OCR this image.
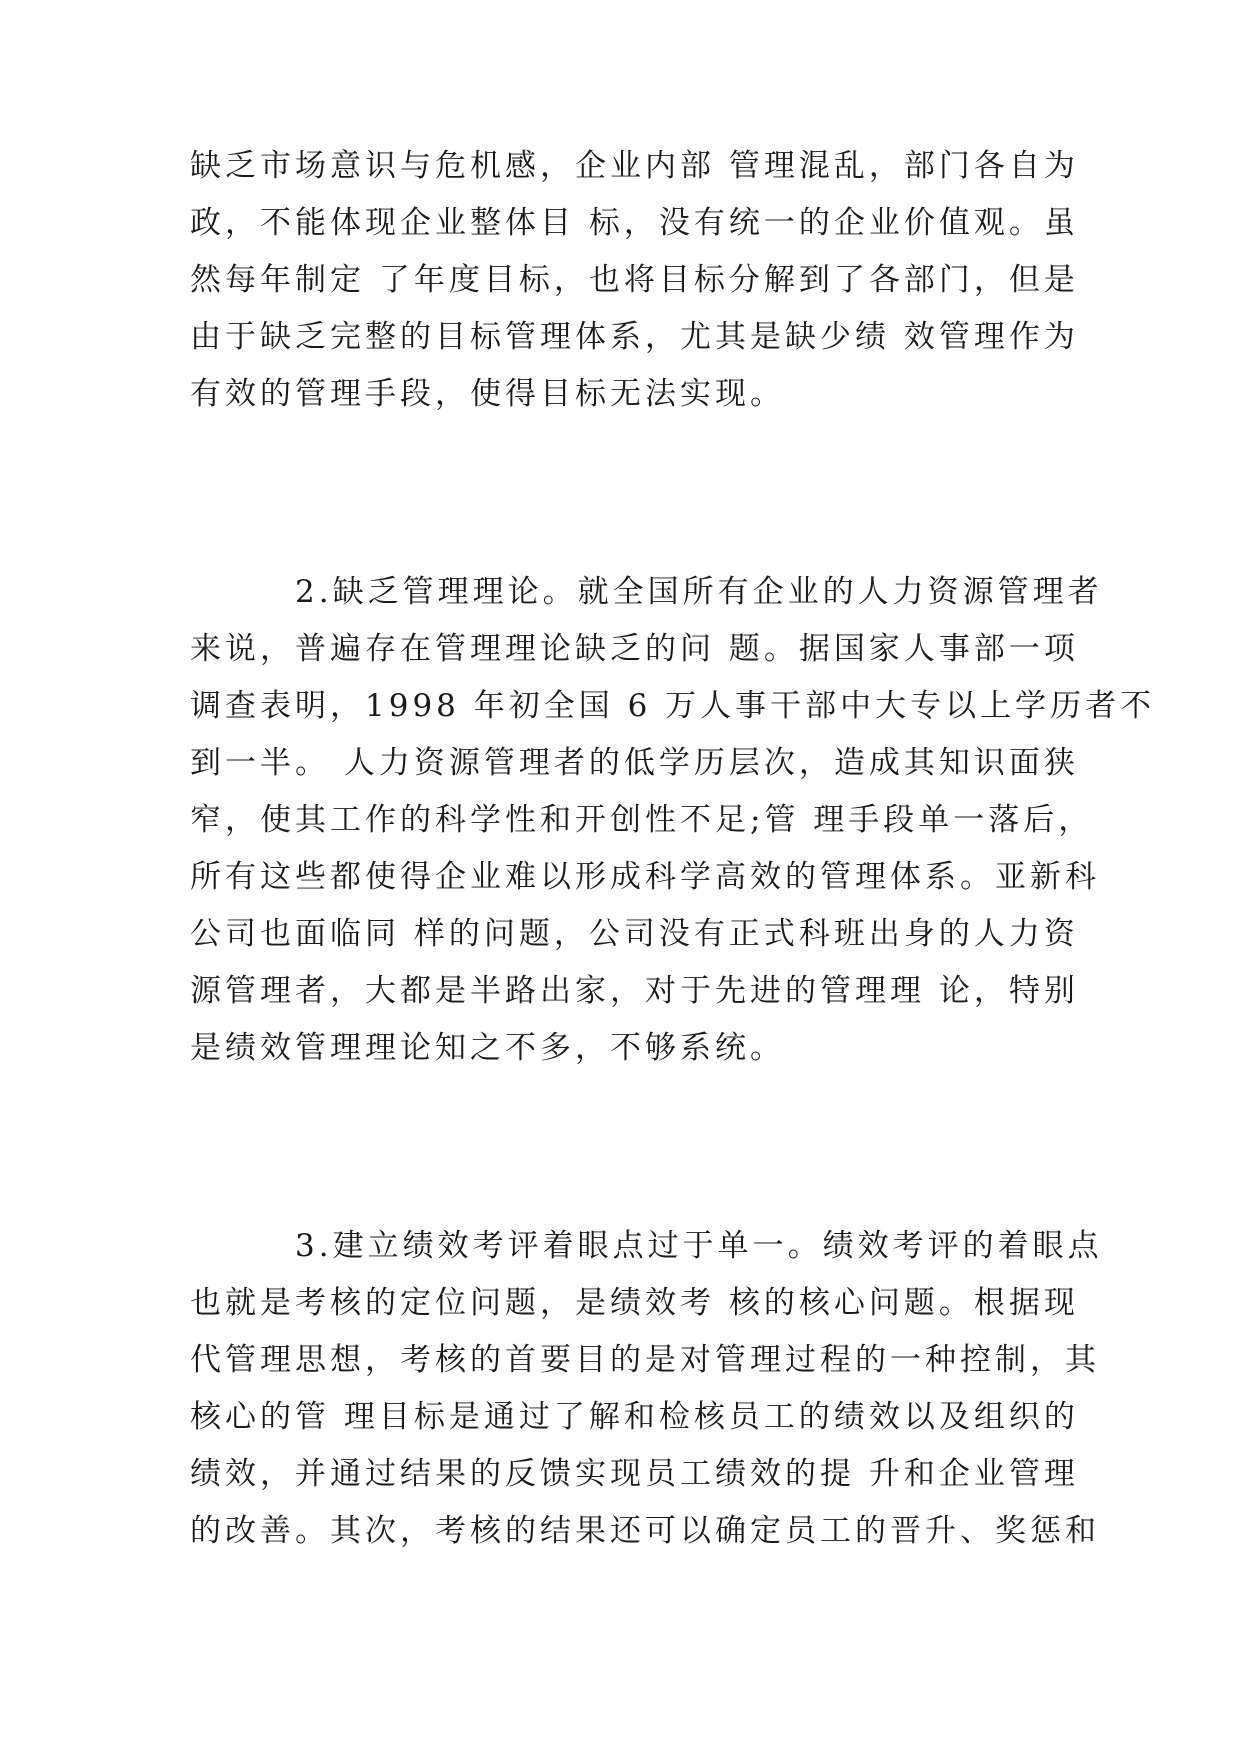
缺乏市场意识与危机感，企业内部 管理混乱，部门各自为
政，不能体现企业整体目 标，没有统一的企业价值观。虽
然每年制定 了年度目标，也将目标分解到了各部门，但是
由于缺乏完整的目标管理体系，尤其是缺少绩 效管理作为
有效的管理手段，使得目标无法实现。
2.缺乏管理理论。就全国所有企业的人力资源管理者
来说，普遍存在管理理论缺乏的问 题。据国家人事部一项
调查表明，1998 年初全国 6 万人事干部中大专以上学历者不
到一半。 人力资源管理者的低学历层次，造成其知识面狭
窄，使其工作的科学性和开创性不足;管 理手段单一落后，
所有这些都使得企业难以形成科学高效的管理体系。亚新科
公司也面临同 样的问题，公司没有正式科班出身的人力资
源管理者，大都是半路出家，对于先进的管理理 论，特别
是绩效管理理论知之不多，不够系统。
3.建立绩效考评着眼点过于单一。绩效考评的着眼点
也就是考核的定位问题，是绩效考 核的核心问题。根据现
代管理思想，考核的首要目的是对管理过程的一种控制，其
核心的管 理目标是通过了解和检核员工的绩效以及组织的
绩效，并通过结果的反馈实现员工绩效的提 升和企业管理
的改善。其次，考核的结果还可以确定员工的晋升、奖惩和
